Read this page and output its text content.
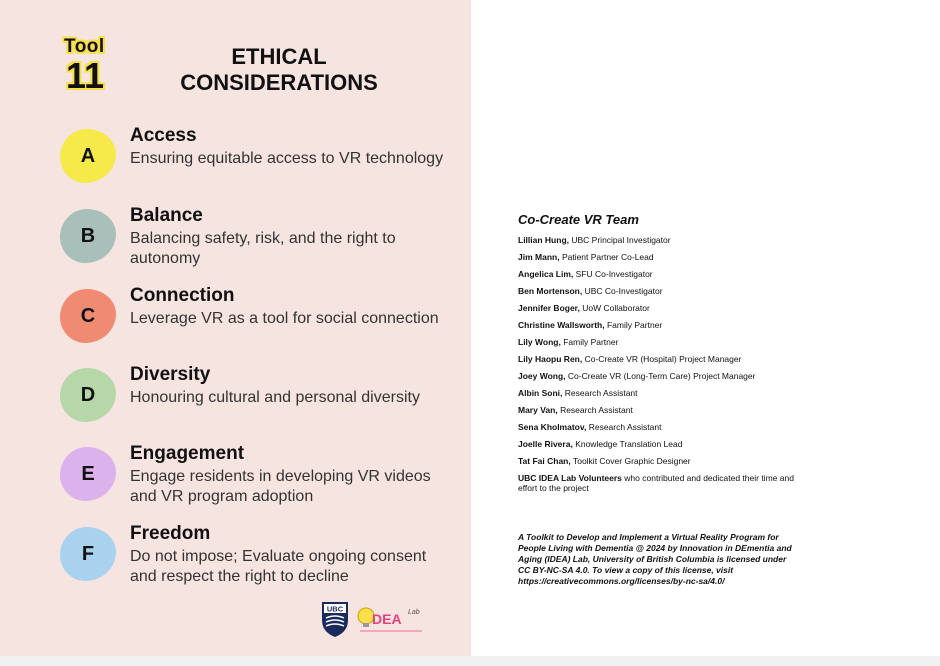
Tool
11	ETHICAL
CONSIDERATIONS
A
Access
Ensuring equitable access to VR technology
B
Balance
Balancing safety, risk, and the right to autonomy
C
Connection
Leverage VR as a tool for social connection
D
Diversity
Honouring cultural and personal diversity
E
Engagement
Engage residents in developing VR videos and VR program adoption
F
Freedom
Do not impose; Evaluate ongoing consent and respect the right to decline
UBC
DEA Lab
Co-Create VR Team
Lillian Hung, UBC Principal Investigator
Jim Mann, Patient Partner Co-Lead
Angelica Lim, SFU Co-Investigator
Ben Mortenson, UBC Co-Investigator
Jennifer Boger, UoW Collaborator
Christine Wallsworth, Family Partner
Lily Wong, Family Partner
Lily Haopu Ren, Co-Create VR (Hospital) Project Manager
Joey Wong, Co-Create VR (Long-Term Care) Project Manager
Albin Soni, Research Assistant
Mary Van, Research Assistant
Sena Kholmatov, Research Assistant
Joelle Rivera, Knowledge Translation Lead
Tat Fai Chan, Toolkit Cover Graphic Designer
UBC IDEA Lab Volunteers who contributed and dedicated their time and effort to the project
A Toolkit to Develop and Implement a Virtual Reality Program for People Living with Dementia @ 2024 by Innovation in DEmentia and Aging (IDEA) Lab, University of British Columbia is licensed under CC BY-NC-SA 4.0. To view a copy of this license, visit https://creativecommons.org/licenses/by-nc-sa/4.0/
